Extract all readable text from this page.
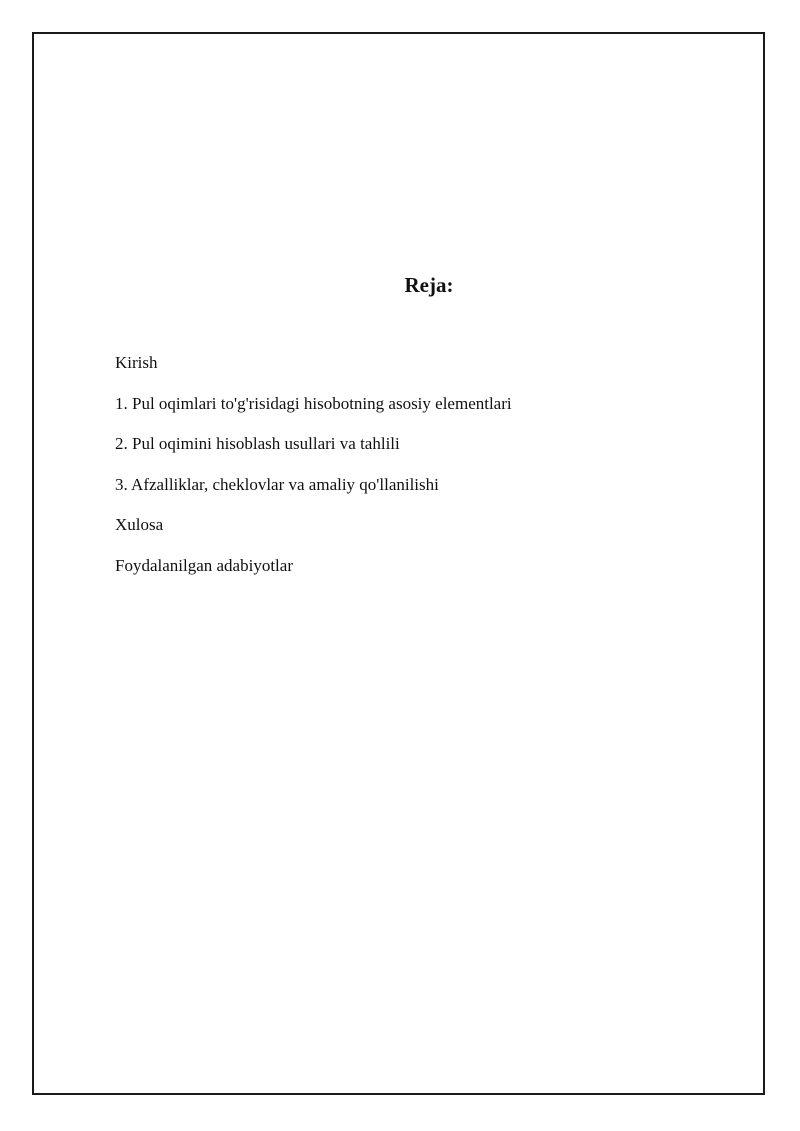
Reja:
Kirish
1. Pul oqimlari to'g'risidagi hisobotning asosiy elementlari
2. Pul oqimini hisoblash usullari va tahlili
3. Afzalliklar, cheklovlar va amaliy qo'llanilishi
Xulosa
Foydalanilgan adabiyotlar
